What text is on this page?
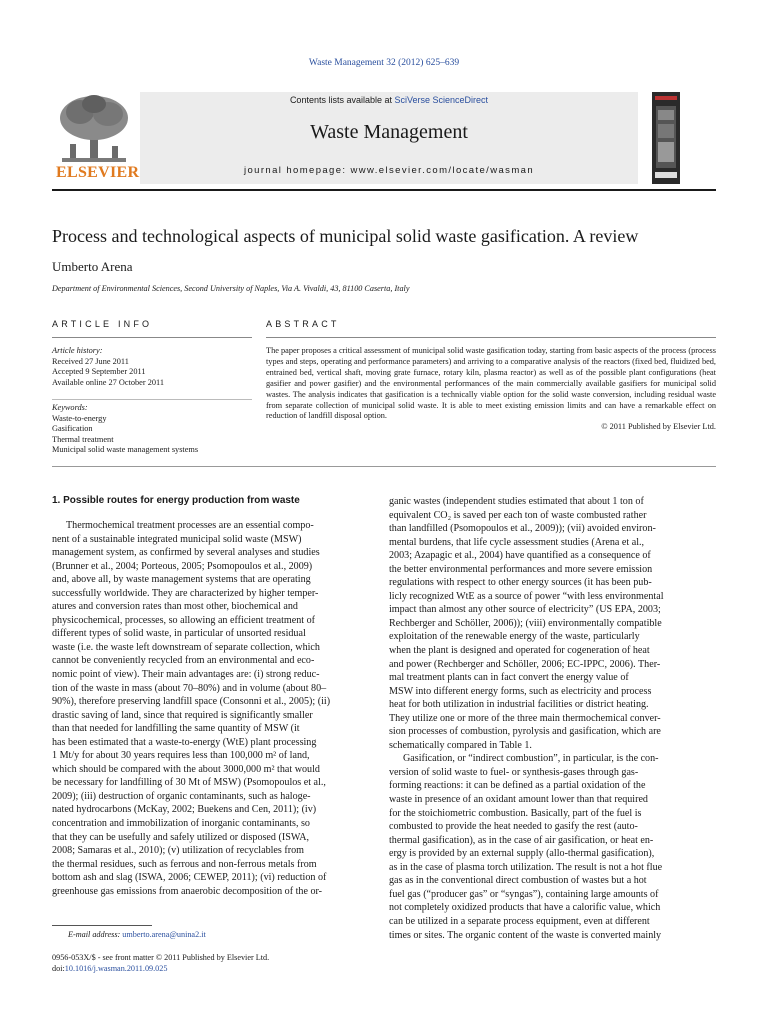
Waste Management 32 (2012) 625–639
ELSEVIER
Contents lists available at SciVerse ScienceDirect
Waste Management
journal homepage: www.elsevier.com/locate/wasman
Process and technological aspects of municipal solid waste gasification. A review
Umberto Arena
Department of Environmental Sciences, Second University of Naples, Via A. Vivaldi, 43, 81100 Caserta, Italy
ARTICLE INFO
Article history:
Received 27 June 2011
Accepted 9 September 2011
Available online 27 October 2011
Keywords:
Waste-to-energy
Gasification
Thermal treatment
Municipal solid waste management systems
ABSTRACT
The paper proposes a critical assessment of municipal solid waste gasification today, starting from basic aspects of the process (process types and steps, operating and performance parameters) and arriving to a comparative analysis of the reactors (fixed bed, fluidized bed, entrained bed, vertical shaft, moving grate furnace, rotary kiln, plasma reactor) as well as of the possible plant configurations (heat gasifier and power gasifier) and the environmental performances of the main commercially available gasifiers for municipal solid wastes. The analysis indicates that gasification is a technically viable option for the solid waste conversion, including residual waste from separate collection of municipal solid waste. It is able to meet existing emission limits and can have a remarkable effect on reduction of landfill disposal option.
© 2011 Published by Elsevier Ltd.
1. Possible routes for energy production from waste
Thermochemical treatment processes are an essential compo-
nent of a sustainable integrated municipal solid waste (MSW)
management system, as confirmed by several analyses and studies
(Brunner et al., 2004; Porteous, 2005; Psomopoulos et al., 2009)
and, above all, by waste management systems that are operating
successfully worldwide. They are characterized by higher temper-
atures and conversion rates than most other, biochemical and
physicochemical, processes, so allowing an efficient treatment of
different types of solid waste, in particular of unsorted residual
waste (i.e. the waste left downstream of separate collection, which
cannot be conveniently recycled from an environmental and eco-
nomic point of view). Their main advantages are: (i) strong reduc-
tion of the waste in mass (about 70–80%) and in volume (about 80–
90%), therefore preserving landfill space (Consonni et al., 2005); (ii)
drastic saving of land, since that required is significantly smaller
than that needed for landfilling the same quantity of MSW (it
has been estimated that a waste-to-energy (WtE) plant processing
1 Mt/y for about 30 years requires less than 100,000 m² of land,
which should be compared with the about 3000,000 m² that would
be necessary for landfilling of 30 Mt of MSW) (Psomopoulos et al.,
2009); (iii) destruction of organic contaminants, such as haloge-
nated hydrocarbons (McKay, 2002; Buekens and Cen, 2011); (iv)
concentration and immobilization of inorganic contaminants, so
that they can be usefully and safely utilized or disposed (ISWA,
2008; Samaras et al., 2010); (v) utilization of recyclables from
the thermal residues, such as ferrous and non-ferrous metals from
bottom ash and slag (ISWA, 2006; CEWEP, 2011); (vi) reduction of
greenhouse gas emissions from anaerobic decomposition of the or-
ganic wastes (independent studies estimated that about 1 ton of
equivalent CO₂ is saved per each ton of waste combusted rather
than landfilled (Psomopoulos et al., 2009)); (vii) avoided environ-
mental burdens, that life cycle assessment studies (Arena et al.,
2003; Azapagic et al., 2004) have quantified as a consequence of
the better environmental performances and more severe emission
regulations with respect to other energy sources (it has been pub-
licly recognized WtE as a source of power “with less environmental
impact than almost any other source of electricity” (US EPA, 2003;
Rechberger and Schöller, 2006)); (viii) environmentally compatible
exploitation of the renewable energy of the waste, particularly
when the plant is designed and operated for cogeneration of heat
and power (Rechberger and Schöller, 2006; EC-IPPC, 2006). Ther-
mal treatment plants can in fact convert the energy value of
MSW into different energy forms, such as electricity and process
heat for both utilization in industrial facilities or district heating.
They utilize one or more of the three main thermochemical conver-
sion processes of combustion, pyrolysis and gasification, which are
schematically compared in Table 1.
Gasification, or “indirect combustion”, in particular, is the con-
version of solid waste to fuel- or synthesis-gases through gas-
forming reactions: it can be defined as a partial oxidation of the
waste in presence of an oxidant amount lower than that required
for the stoichiometric combustion. Basically, part of the fuel is
combusted to provide the heat needed to gasify the rest (auto-
thermal gasification), as in the case of air gasification, or heat en-
ergy is provided by an external supply (allo-thermal gasification),
as in the case of plasma torch utilization. The result is not a hot flue
gas as in the conventional direct combustion of wastes but a hot
fuel gas (“producer gas” or “syngas”), containing large amounts of
not completely oxidized products that have a calorific value, which
can be utilized in a separate process equipment, even at different
times or sites. The organic content of the waste is converted mainly
E-mail address: umberto.arena@unina2.it
0956-053X/$ - see front matter © 2011 Published by Elsevier Ltd.
doi:10.1016/j.wasman.2011.09.025
